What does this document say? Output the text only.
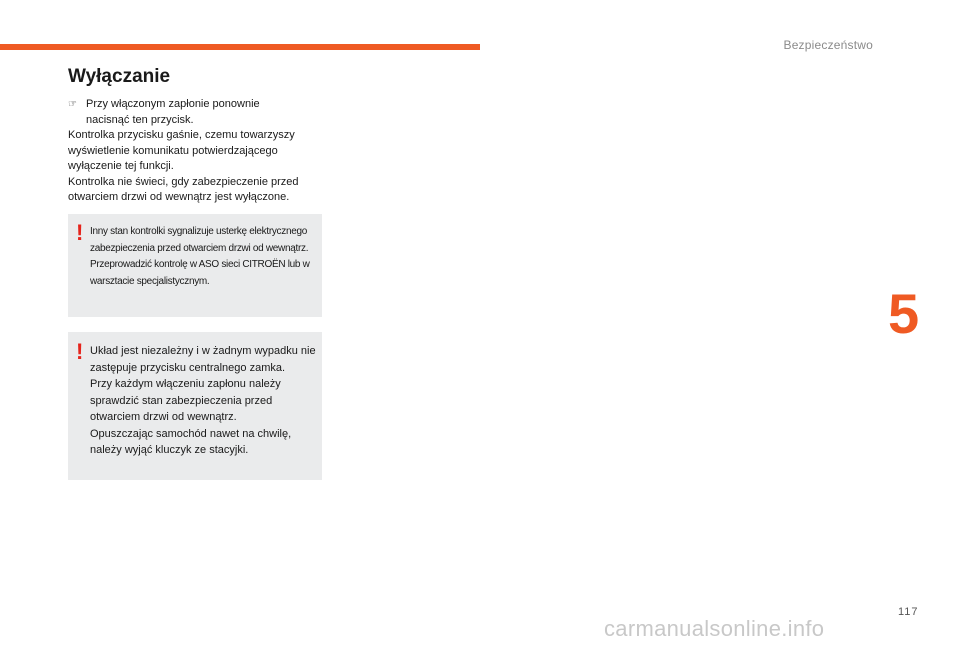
Bezpieczeństwo
5
Wyłączanie
☞ Przy włączonym zapłonie ponownie
nacisnąć ten przycisk.

Kontrolka przycisku gaśnie, czemu towarzyszy wyświetlenie komunikatu potwierdzającego wyłączenie tej funkcji.

Kontrolka nie świeci, gdy zabezpieczenie przed otwarciem drzwi od wewnątrz jest wyłączone.

! Inny stan kontrolki sygnalizuje usterkę elektrycznego zabezpieczenia przed otwarciem drzwi od wewnątrz.

Przeprowadzić kontrolę w ASO sieci CITROËN lub w warsztacie specjalistycznym.

! Układ jest niezależny i w żadnym wypadku nie zastępuje przycisku centralnego zamka.

Przy każdym włączeniu zapłonu należy sprawdzić stan zabezpieczenia przed otwarciem drzwi od wewnątrz.

Opuszczając samochód nawet na chwilę, należy wyjąć kluczyk ze stacyjki.

117
carmanualsonline.info
